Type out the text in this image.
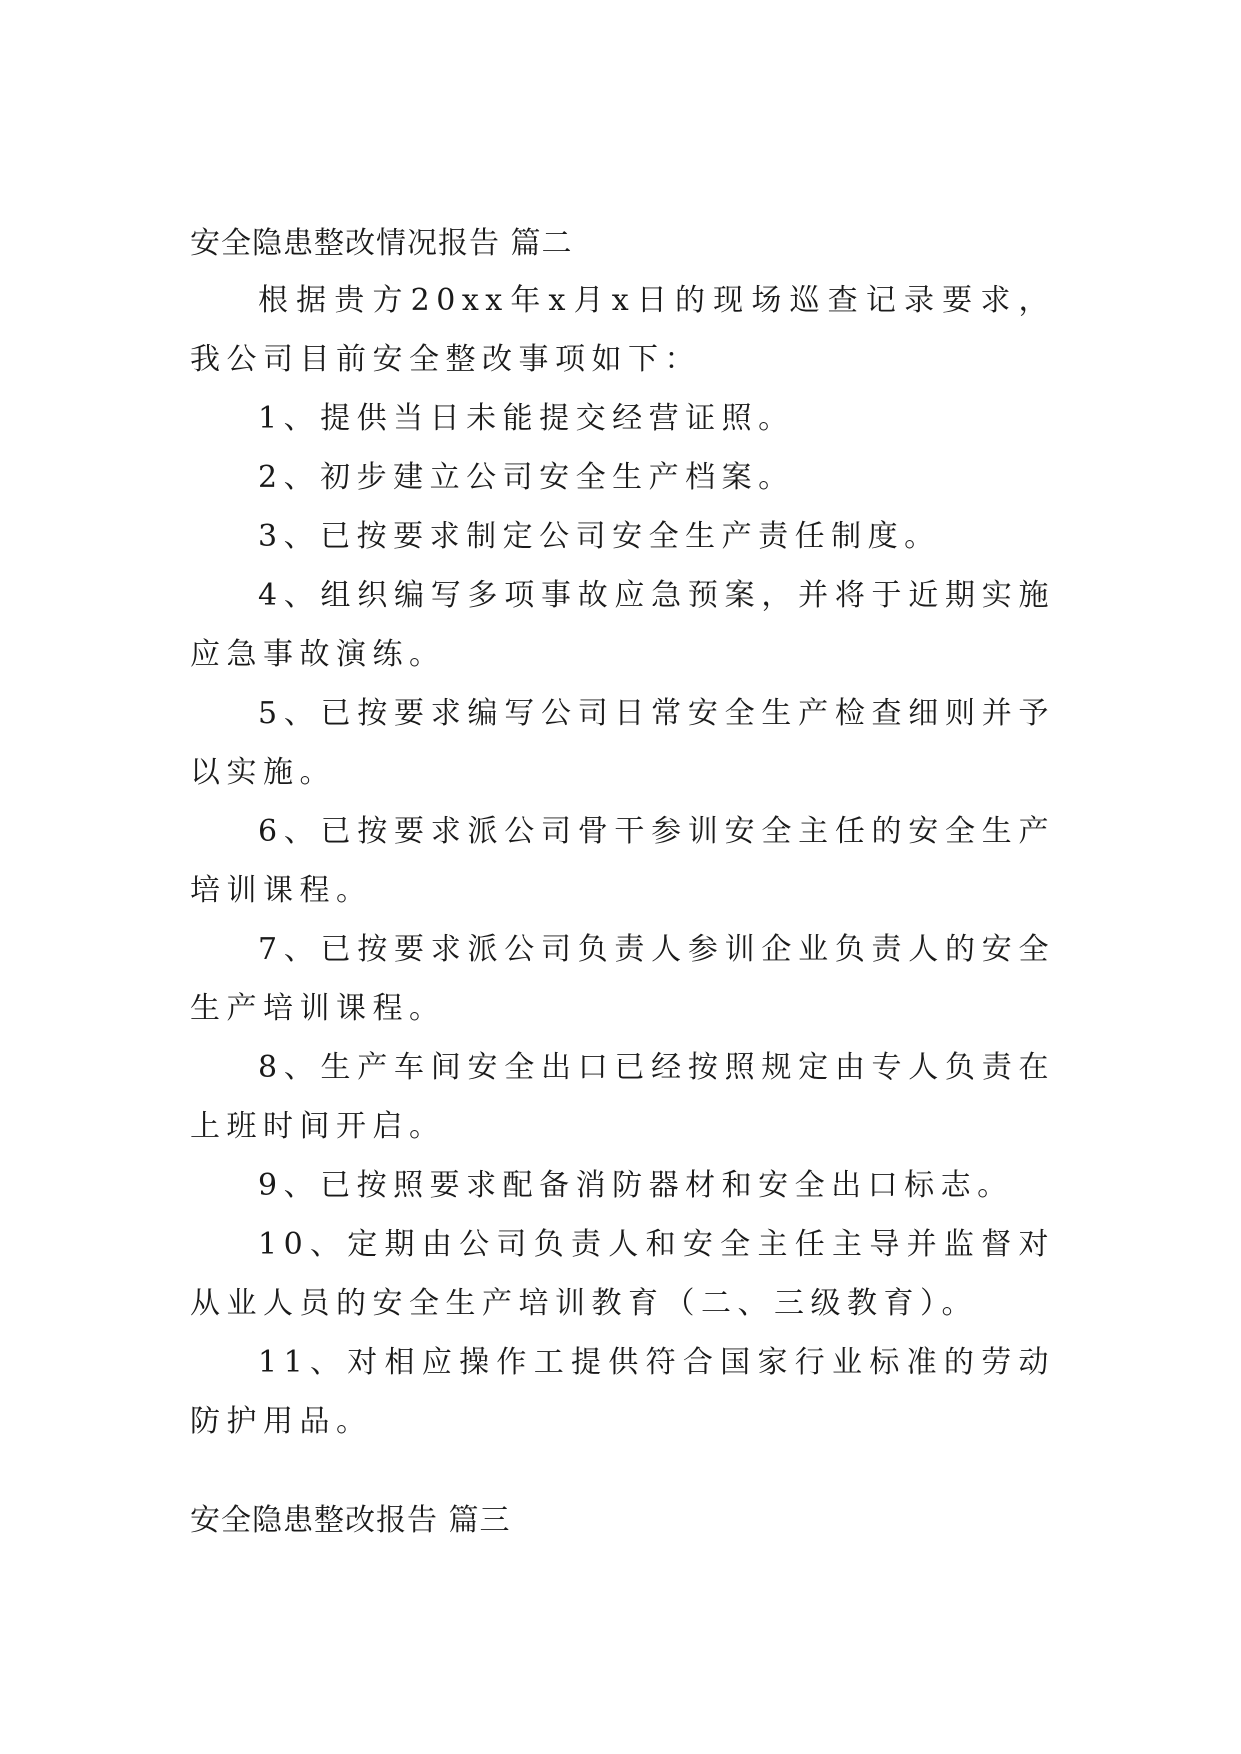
安全隐患整改情况报告 篇二

根据贵方20xx年x月x日的现场巡查记录要求，我公司目前安全整改事项如下：

1、提供当日未能提交经营证照。

2、初步建立公司安全生产档案。

3、已按要求制定公司安全生产责任制度。

4、组织编写多项事故应急预案，并将于近期实施应急事故演练。

5、已按要求编写公司日常安全生产检查细则并予以实施。

6、已按要求派公司骨干参训安全主任的安全生产培训课程。

7、已按要求派公司负责人参训企业负责人的安全生产培训课程。

8、生产车间安全出口已经按照规定由专人负责在上班时间开启。

9、已按照要求配备消防器材和安全出口标志。

10、定期由公司负责人和安全主任主导并监督对从业人员的安全生产培训教育（二、三级教育）。

11、对相应操作工提供符合国家行业标准的劳动防护用品。

安全隐患整改报告 篇三
